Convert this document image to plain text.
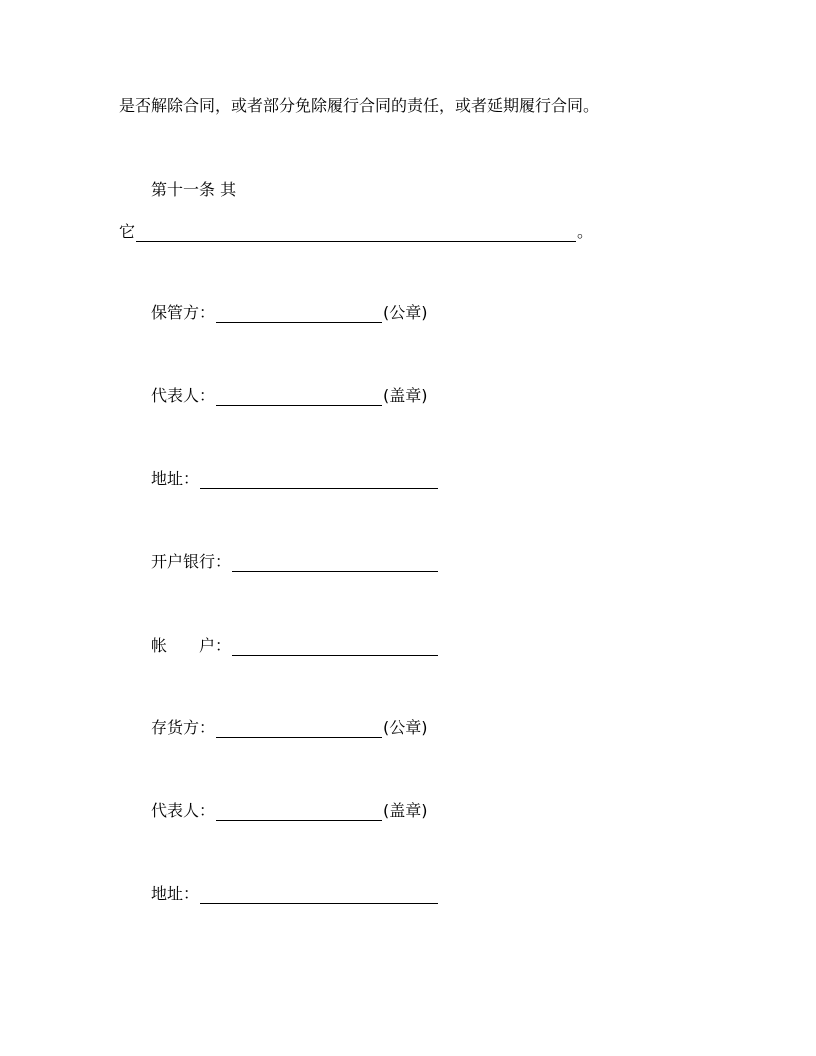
是否解除合同，或者部分免除履行合同的责任，或者延期履行合同。
第十一条 其
它	。
保管方：	(公章)
代表人：	(盖章)
地址：
开户银行：
帐 户：
存货方：	(公章)
代表人：	(盖章)
地址：
